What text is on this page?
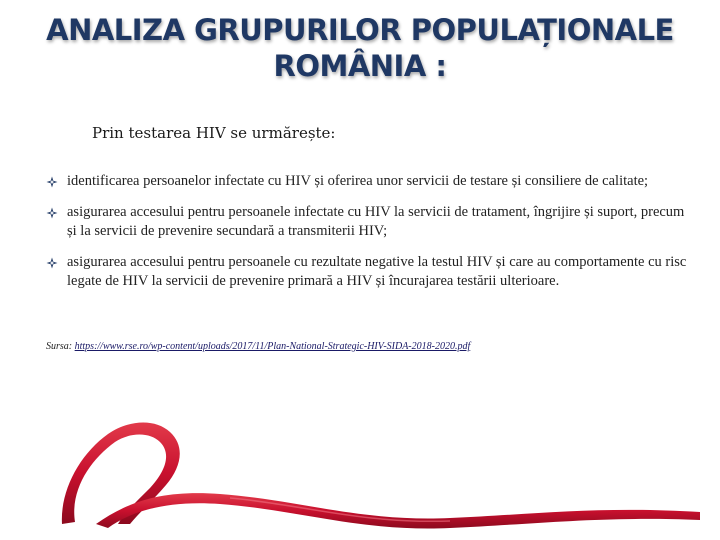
ANALIZA GRUPURILOR POPULAȚIONALE
ROMÂNIA :
Prin testarea HIV se urmărește:
identificarea persoanelor infectate cu HIV și oferirea unor servicii de testare și consiliere de calitate;
asigurarea accesului pentru persoanele infectate cu HIV la servicii de tratament, îngrijire și suport, precum și la servicii de prevenire secundară a transmiterii HIV;
asigurarea accesului pentru persoanele cu rezultate negative la testul HIV și care au comportamente cu risc legate de HIV la servicii de prevenire primară a HIV și încurajarea testării ulterioare.
Sursa: https://www.rse.ro/wp-content/uploads/2017/11/Plan-National-Strategic-HIV-SIDA-2018-2020.pdf
